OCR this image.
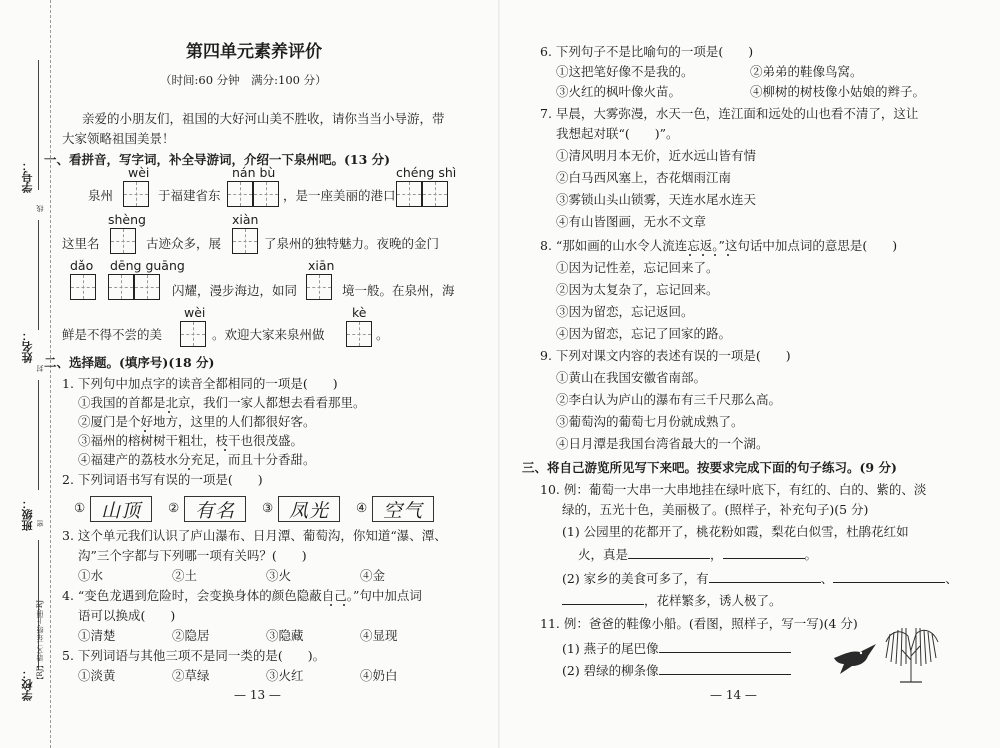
学号：
线
姓名：
封
班级： 密
学校：
【RJ】语文二年级·上册·RJ
第四单元素养评价
（时间:60 分钟　满分:100 分）
亲爱的小朋友们，祖国的大好河山美不胜收，请你当当小导游，带
大家领略祖国美景！
一、看拼音，写字词，补全导游词，介绍一下泉州吧。(13 分)
wèi	nán bù	chéng shì
泉州	于福建省东	，是一座美丽的港口
shèng	xiàn
这里名	古迹众多，展	了泉州的独特魅力。夜晚的金门
dǎo dēng guāng	xiān
闪耀，漫步海边，如同	境一般。在泉州，海
wèi	kè
鲜是不得不尝的美	。欢迎大家来泉州做	。
二、选择题。(填序号)(18 分)
1. 下列句中加点字的读音全都相同的一项是(　　)
①我国的首都是北京，我们一家人都想去看看那里。
②厦门是个好地方，这里的人们都很好客。
③福州的榕树树干粗壮，枝干也很茂盛。
④福建产的荔枝水分充足，而且十分香甜。
2. 下列词语书写有误的一项是(　　)
① 山顶	② 有名	③ 凤光	④ 空气
3. 这个单元我们认识了庐山瀑布、日月潭、葡萄沟，你知道“瀑、潭、
沟”三个字都与下列哪一项有关吗？(　　)
①水	②土	③火	④金
4. “变色龙遇到危险时，会变换身体的颜色隐蔽自己。”句中加点词
语可以换成(　　)
①清楚	②隐居	③隐藏	④显现
5. 下列词语与其他三项不是同一类的是(　　)。
①淡黄	②草绿	③火红	④奶白
— 13 —
6. 下列句子不是比喻句的一项是(　　)
①这把笔好像不是我的。	②弟弟的鞋像鸟窝。
③火红的枫叶像火苗。	④柳树的树枝像小姑娘的辫子。
7. 早晨，大雾弥漫，水天一色，连江面和远处的山也看不清了，这让
我想起对联“(　　)”。
①清风明月本无价，近水远山皆有情
②白马西风塞上，杏花烟雨江南
③雾锁山头山锁雾，天连水尾水连天
④有山皆图画，无水不文章
8. “那如画的山水令人流连忘返。”这句话中加点词的意思是(　　)
①因为记性差，忘记回来了。
②因为太复杂了，忘记回来。
③因为留恋，忘记返回。
④因为留恋，忘记了回家的路。
9. 下列对课文内容的表述有误的一项是(　　)
①黄山在我国安徽省南部。
②李白认为庐山的瀑布有三千尺那么高。
③葡萄沟的葡萄七月份就成熟了。
④日月潭是我国台湾省最大的一个湖。
三、将自己游览所见写下来吧。按要求完成下面的句子练习。(9 分)
10. 例：葡萄一大串一大串地挂在绿叶底下，有红的、白的、紫的、淡
绿的，五光十色，美丽极了。(照样子，补充句子)(5 分)
(1) 公园里的花都开了，桃花粉如霞，梨花白似雪，杜鹃花红如
火，真是	，	。
(2) 家乡的美食可多了，有	、	、
，花样繁多，诱人极了。
11. 例：爸爸的鞋像小船。(看图，照样子，写一写)(4 分)
(1) 燕子的尾巴像
(2) 碧绿的柳条像
— 14 —
